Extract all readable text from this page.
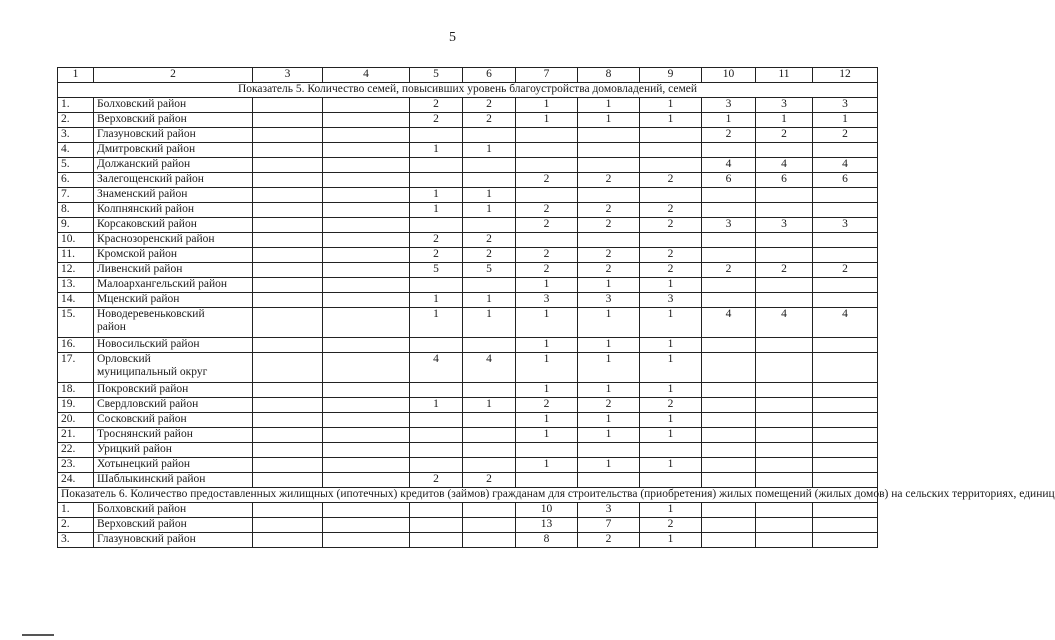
5
1	2	3	4	5	6	7	8	9	10	11	12
Показатель 5. Количество семей, повысивших уровень благоустройства домовладений, семей											
1.	Болховский район			2	2	1	1	1	3	3	3
2.	Верховский район			2	2	1	1	1	1	1	1
3.	Глазуновский район								2	2	2
4.	Дмитровский район			1	1						
5.	Должанский район								4	4	4
6.	Залегощенский район					2	2	2	6	6	6
7.	Знаменский район			1	1						
8.	Колпнянский район			1	1	2	2	2			
9.	Корсаковский район					2	2	2	3	3	3
10.	Краснозоренский район			2	2						
11.	Кромской район			2	2	2	2	2			
12.	Ливенский район			5	5	2	2	2	2	2	2
13.	Малоархангельский район					1	1	1			
14.	Мценский район			1	1	3	3	3			
15.	Новодеревеньковский
район			1	1	1	1	1	4	4	4
16.	Новосильский район					1	1	1			
17.	Орловский
муниципальный округ			4	4	1	1	1			
18.	Покровский район					1	1	1			
19.	Свердловский район			1	1	2	2	2			
20.	Сосковский район					1	1	1			
21.	Троснянский район					1	1	1			
22.	Урицкий район										

23.	Хотынецкий район					1	1	1			
24.	Шаблыкинский район			2	2						
Показатель 6. Количество предоставленных жилищных (ипотечных) кредитов (займов) гражданам для строительства (приобретения) жилых помещений (жилых домов) на сельских территориях, единиц											
1.	Болховский район					10	3	1			
2.	Верховский район					13	7	2			
3.	Глазуновский район					8	2	1			
